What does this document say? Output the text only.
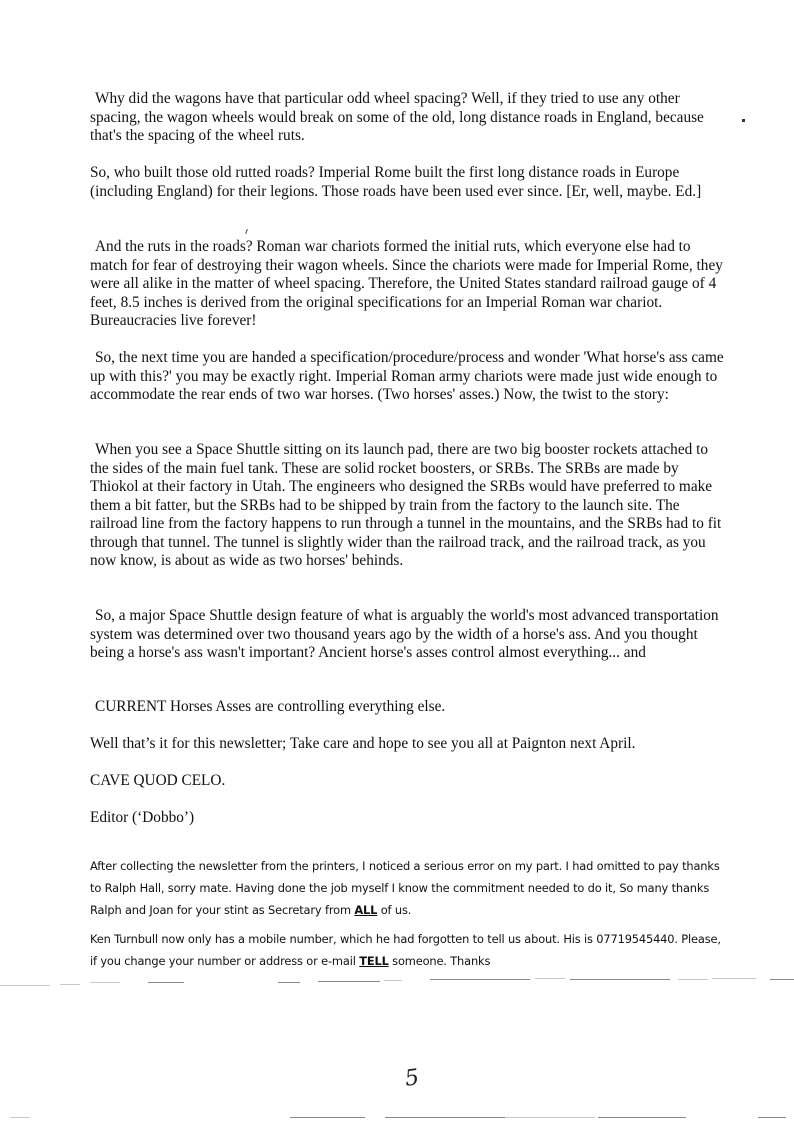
Why did the wagons have that particular odd wheel spacing? Well, if they tried to use any other spacing, the wagon wheels would break on some of the old, long distance roads in England, because that's the spacing of the wheel ruts.

So, who built those old rutted roads? Imperial Rome built the first long distance roads in Europe (including England) for their legions. Those roads have been used ever since. [Er, well, maybe. Ed.]

And the ruts in the roads? Roman war chariots formed the initial ruts, which everyone else had to match for fear of destroying their wagon wheels. Since the chariots were made for Imperial Rome, they were all alike in the matter of wheel spacing. Therefore, the United States standard railroad gauge of 4 feet, 8.5 inches is derived from the original specifications for an Imperial Roman war chariot. Bureaucracies live forever!

So, the next time you are handed a specification/procedure/process and wonder 'What horse's ass came up with this?' you may be exactly right. Imperial Roman army chariots were made just wide enough to accommodate the rear ends of two war horses. (Two horses' asses.) Now, the twist to the story:

When you see a Space Shuttle sitting on its launch pad, there are two big booster rockets attached to the sides of the main fuel tank. These are solid rocket boosters, or SRBs. The SRBs are made by Thiokol at their factory in Utah. The engineers who designed the SRBs would have preferred to make them a bit fatter, but the SRBs had to be shipped by train from the factory to the launch site. The railroad line from the factory happens to run through a tunnel in the mountains, and the SRBs had to fit through that tunnel. The tunnel is slightly wider than the railroad track, and the railroad track, as you now know, is about as wide as two horses' behinds.

So, a major Space Shuttle design feature of what is arguably the world's most advanced transportation system was determined over two thousand years ago by the width of a horse's ass. And you thought being a horse's ass wasn't important? Ancient horse's asses control almost everything... and

CURRENT Horses Asses are controlling everything else.

Well that’s it for this newsletter; Take care and hope to see you all at Paignton next April.

CAVE QUOD CELO.

Editor (‘Dobbo’)

After collecting the newsletter from the printers, I noticed a serious error on my part. I had omitted to pay thanks to Ralph Hall, sorry mate. Having done the job myself I know the commitment needed to do it, So many thanks Ralph and Joan for your stint as Secretary from ALL of us.

Ken Turnbull now only has a mobile number, which he had forgotten to tell us about. His is 07719545440. Please, if you change your number or address or e-mail TELL someone. Thanks

5
